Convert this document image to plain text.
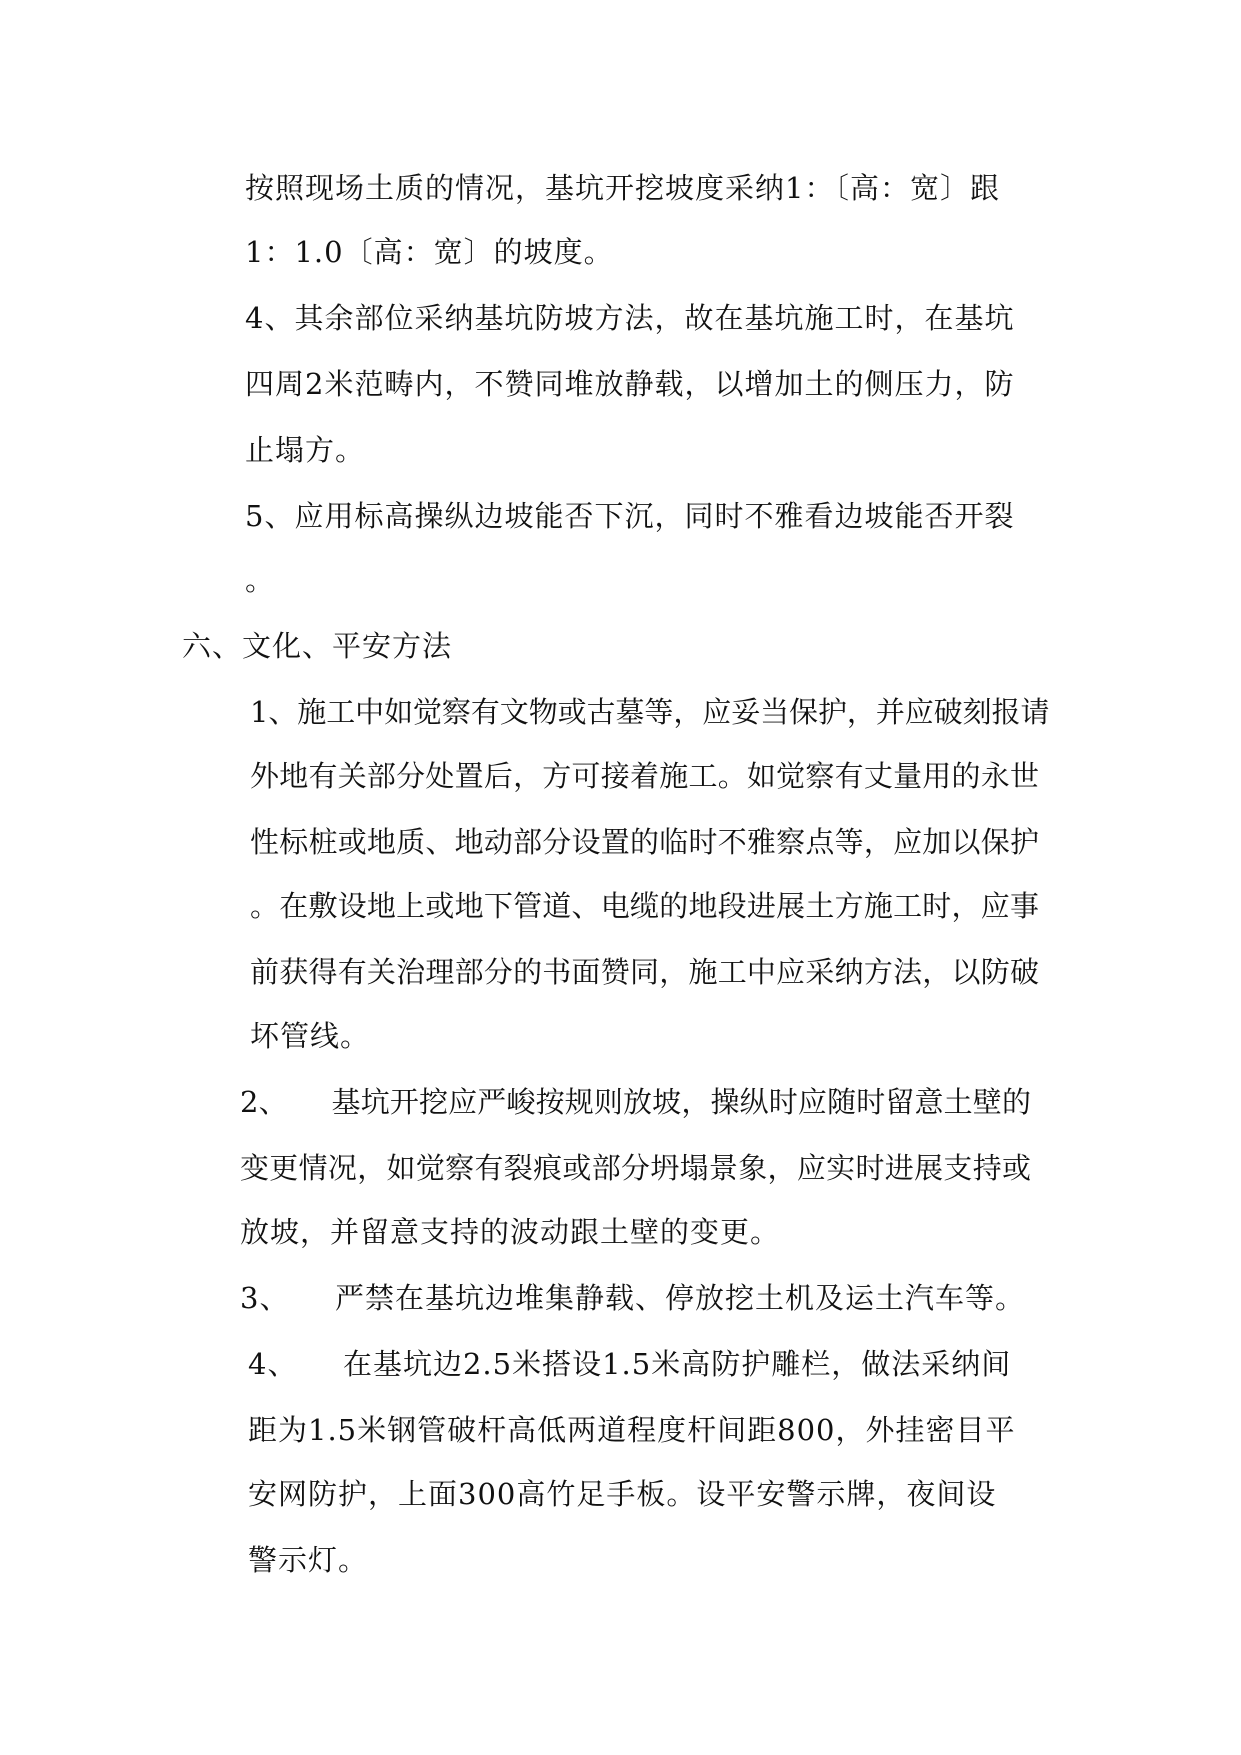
按照现场土质的情况，基坑开挖坡度采纳1：〔高：宽〕跟
1：1.0〔高：宽〕的坡度。
4、其余部位采纳基坑防坡方法，故在基坑施工时，在基坑
四周2米范畴内，不赞同堆放静载，以增加土的侧压力，防
止塌方。
5、应用标高操纵边坡能否下沉，同时不雅看边坡能否开裂
。
六、文化、平安方法
1、施工中如觉察有文物或古墓等，应妥当保护，并应破刻报请
外地有关部分处置后，方可接着施工。如觉察有丈量用的永世
性标桩或地质、地动部分设置的临时不雅察点等，应加以保护
。在敷设地上或地下管道、电缆的地段进展土方施工时，应事
前获得有关治理部分的书面赞同，施工中应采纳方法，以防破
坏管线。
2、　　基坑开挖应严峻按规则放坡，操纵时应随时留意土壁的
变更情况，如觉察有裂痕或部分坍塌景象，应实时进展支持或
放坡，并留意支持的波动跟土壁的变更。
3、　　严禁在基坑边堆集静载、停放挖土机及运土汽车等。
4、　　在基坑边2.5米搭设1.5米高防护雕栏，做法采纳间
距为1.5米钢管破杆高低两道程度杆间距800，外挂密目平
安网防护，上面300高竹足手板。设平安警示牌，夜间设
警示灯。
